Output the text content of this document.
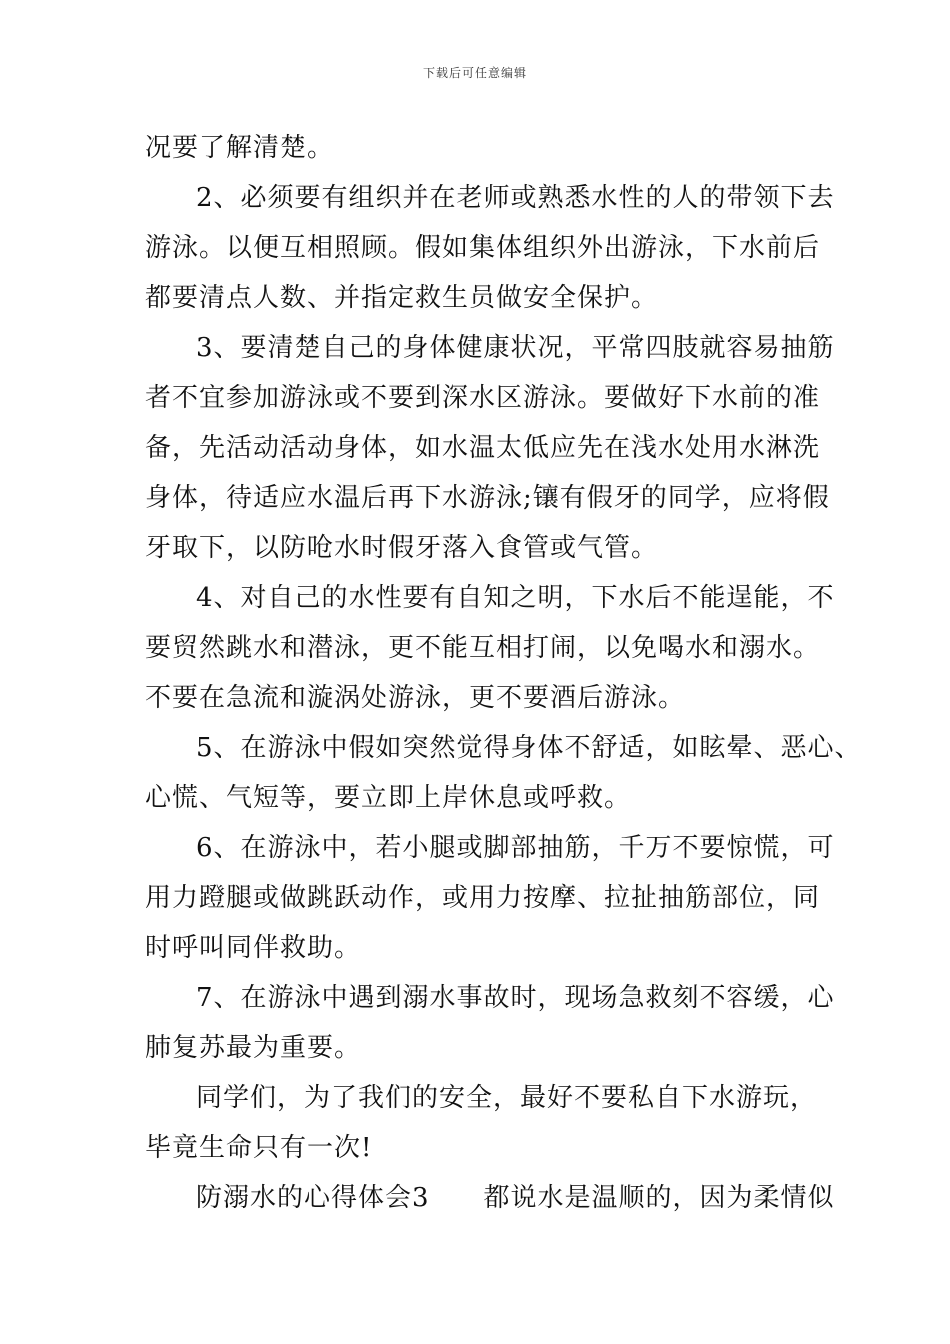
下载后可任意编辑
况要了解清楚。
2、必须要有组织并在老师或熟悉水性的人的带领下去
游泳。以便互相照顾。假如集体组织外出游泳，下水前后
都要清点人数、并指定救生员做安全保护。
3、要清楚自己的身体健康状况，平常四肢就容易抽筋
者不宜参加游泳或不要到深水区游泳。要做好下水前的准
备，先活动活动身体，如水温太低应先在浅水处用水淋洗
身体，待适应水温后再下水游泳;镶有假牙的同学，应将假
牙取下，以防呛水时假牙落入食管或气管。
4、对自己的水性要有自知之明，下水后不能逞能，不
要贸然跳水和潜泳，更不能互相打闹，以免喝水和溺水。
不要在急流和漩涡处游泳，更不要酒后游泳。
5、在游泳中假如突然觉得身体不舒适，如眩晕、恶心、
心慌、气短等，要立即上岸休息或呼救。
6、在游泳中，若小腿或脚部抽筋，千万不要惊慌，可
用力蹬腿或做跳跃动作，或用力按摩、拉扯抽筋部位，同
时呼叫同伴救助。
7、在游泳中遇到溺水事故时，现场急救刻不容缓，心
肺复苏最为重要。
同学们，为了我们的安全，最好不要私自下水游玩，
毕竟生命只有一次!
防溺水的心得体会3　　都说水是温顺的，因为柔情似
